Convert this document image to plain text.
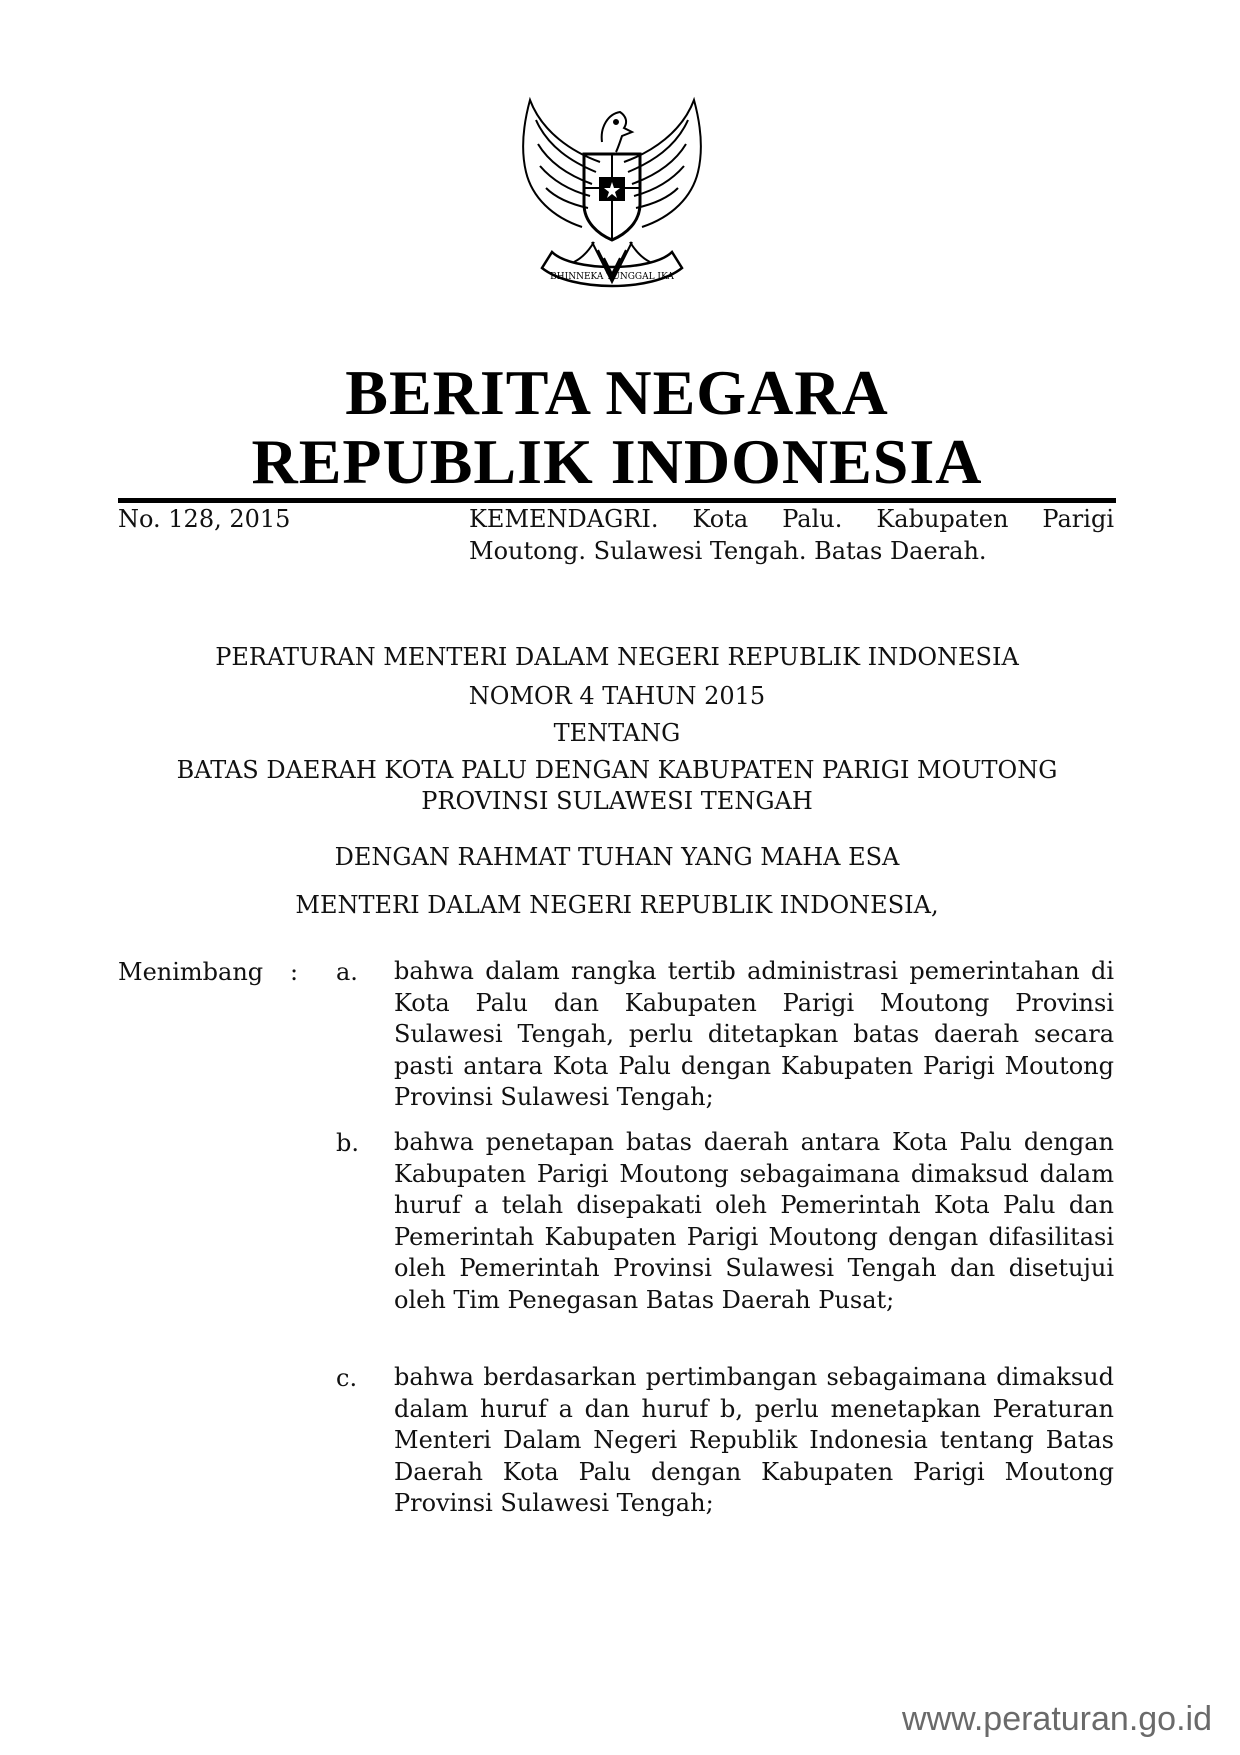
BHINNEKA TUNGGAL IKA
BERITA NEGARA
REPUBLIK INDONESIA
No. 128, 2015	KEMENDAGRI. Kota Palu. Kabupaten Parigi Moutong. Sulawesi Tengah. Batas Daerah.
PERATURAN MENTERI DALAM NEGERI REPUBLIK INDONESIA
NOMOR 4 TAHUN 2015
TENTANG
BATAS DAERAH KOTA PALU DENGAN KABUPATEN PARIGI MOUTONG
PROVINSI SULAWESI TENGAH
DENGAN RAHMAT TUHAN YANG MAHA ESA
MENTERI DALAM NEGERI REPUBLIK INDONESIA,
Menimbang : a. bahwa dalam rangka tertib administrasi pemerintahan di Kota Palu dan Kabupaten Parigi Moutong Provinsi Sulawesi Tengah, perlu ditetapkan batas daerah secara pasti antara Kota Palu dengan Kabupaten Parigi Moutong Provinsi Sulawesi Tengah;
b. bahwa penetapan batas daerah antara Kota Palu dengan Kabupaten Parigi Moutong sebagaimana dimaksud dalam huruf a telah disepakati oleh Pemerintah Kota Palu dan Pemerintah Kabupaten Parigi Moutong dengan difasilitasi oleh Pemerintah Provinsi Sulawesi Tengah dan disetujui oleh Tim Penegasan Batas Daerah Pusat;
c. bahwa berdasarkan pertimbangan sebagaimana dimaksud dalam huruf a dan huruf b, perlu menetapkan Peraturan Menteri Dalam Negeri Republik Indonesia tentang Batas Daerah Kota Palu dengan Kabupaten Parigi Moutong Provinsi Sulawesi Tengah;
www.peraturan.go.id
